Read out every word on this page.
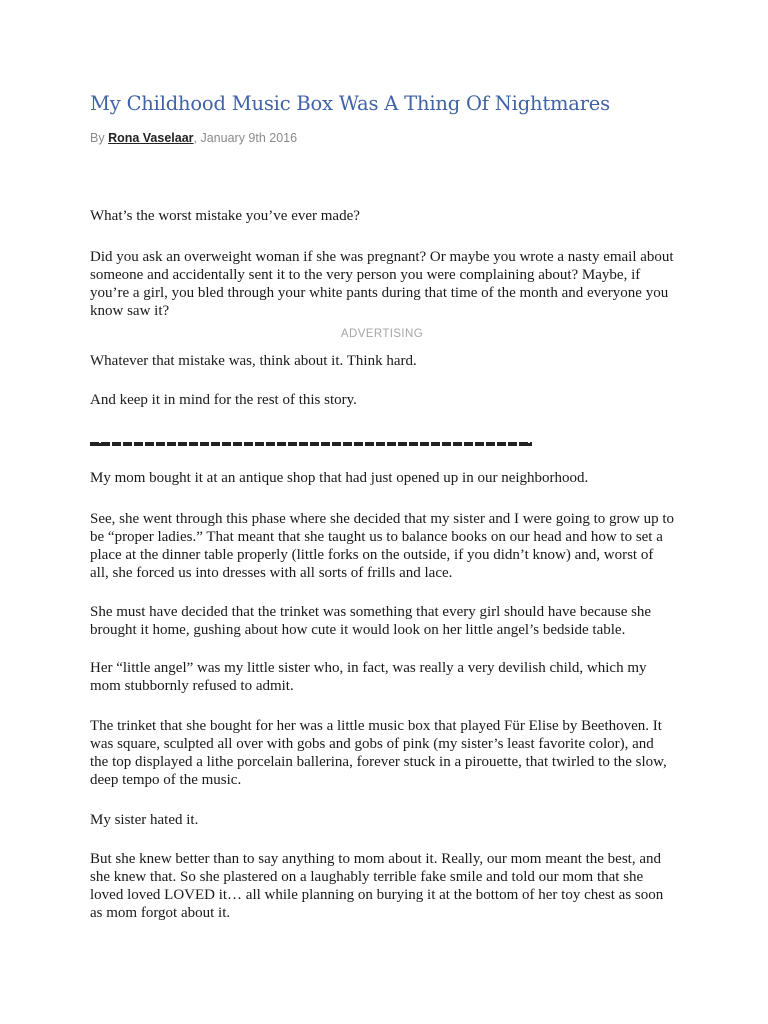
My Childhood Music Box Was A Thing Of Nightmares
By Rona Vaselaar, January 9th 2016

What’s the worst mistake you’ve ever made?

Did you ask an overweight woman if she was pregnant? Or maybe you wrote a nasty email about
someone and accidentally sent it to the very person you were complaining about? Maybe, if
you’re a girl, you bled through your white pants during that time of the month and everyone you
know saw it?

ADVERTISING

Whatever that mistake was, think about it. Think hard.

And keep it in mind for the rest of this story.

My mom bought it at an antique shop that had just opened up in our neighborhood.

See, she went through this phase where she decided that my sister and I were going to grow up to
be “proper ladies.” That meant that she taught us to balance books on our head and how to set a
place at the dinner table properly (little forks on the outside, if you didn’t know) and, worst of
all, she forced us into dresses with all sorts of frills and lace.

She must have decided that the trinket was something that every girl should have because she
brought it home, gushing about how cute it would look on her little angel’s bedside table.

Her “little angel” was my little sister who, in fact, was really a very devilish child, which my
mom stubbornly refused to admit.

The trinket that she bought for her was a little music box that played Für Elise by Beethoven. It
was square, sculpted all over with gobs and gobs of pink (my sister’s least favorite color), and
the top displayed a lithe porcelain ballerina, forever stuck in a pirouette, that twirled to the slow,
deep tempo of the music.

My sister hated it.

But she knew better than to say anything to mom about it. Really, our mom meant the best, and
she knew that. So she plastered on a laughably terrible fake smile and told our mom that she
loved loved LOVED it… all while planning on burying it at the bottom of her toy chest as soon
as mom forgot about it.
